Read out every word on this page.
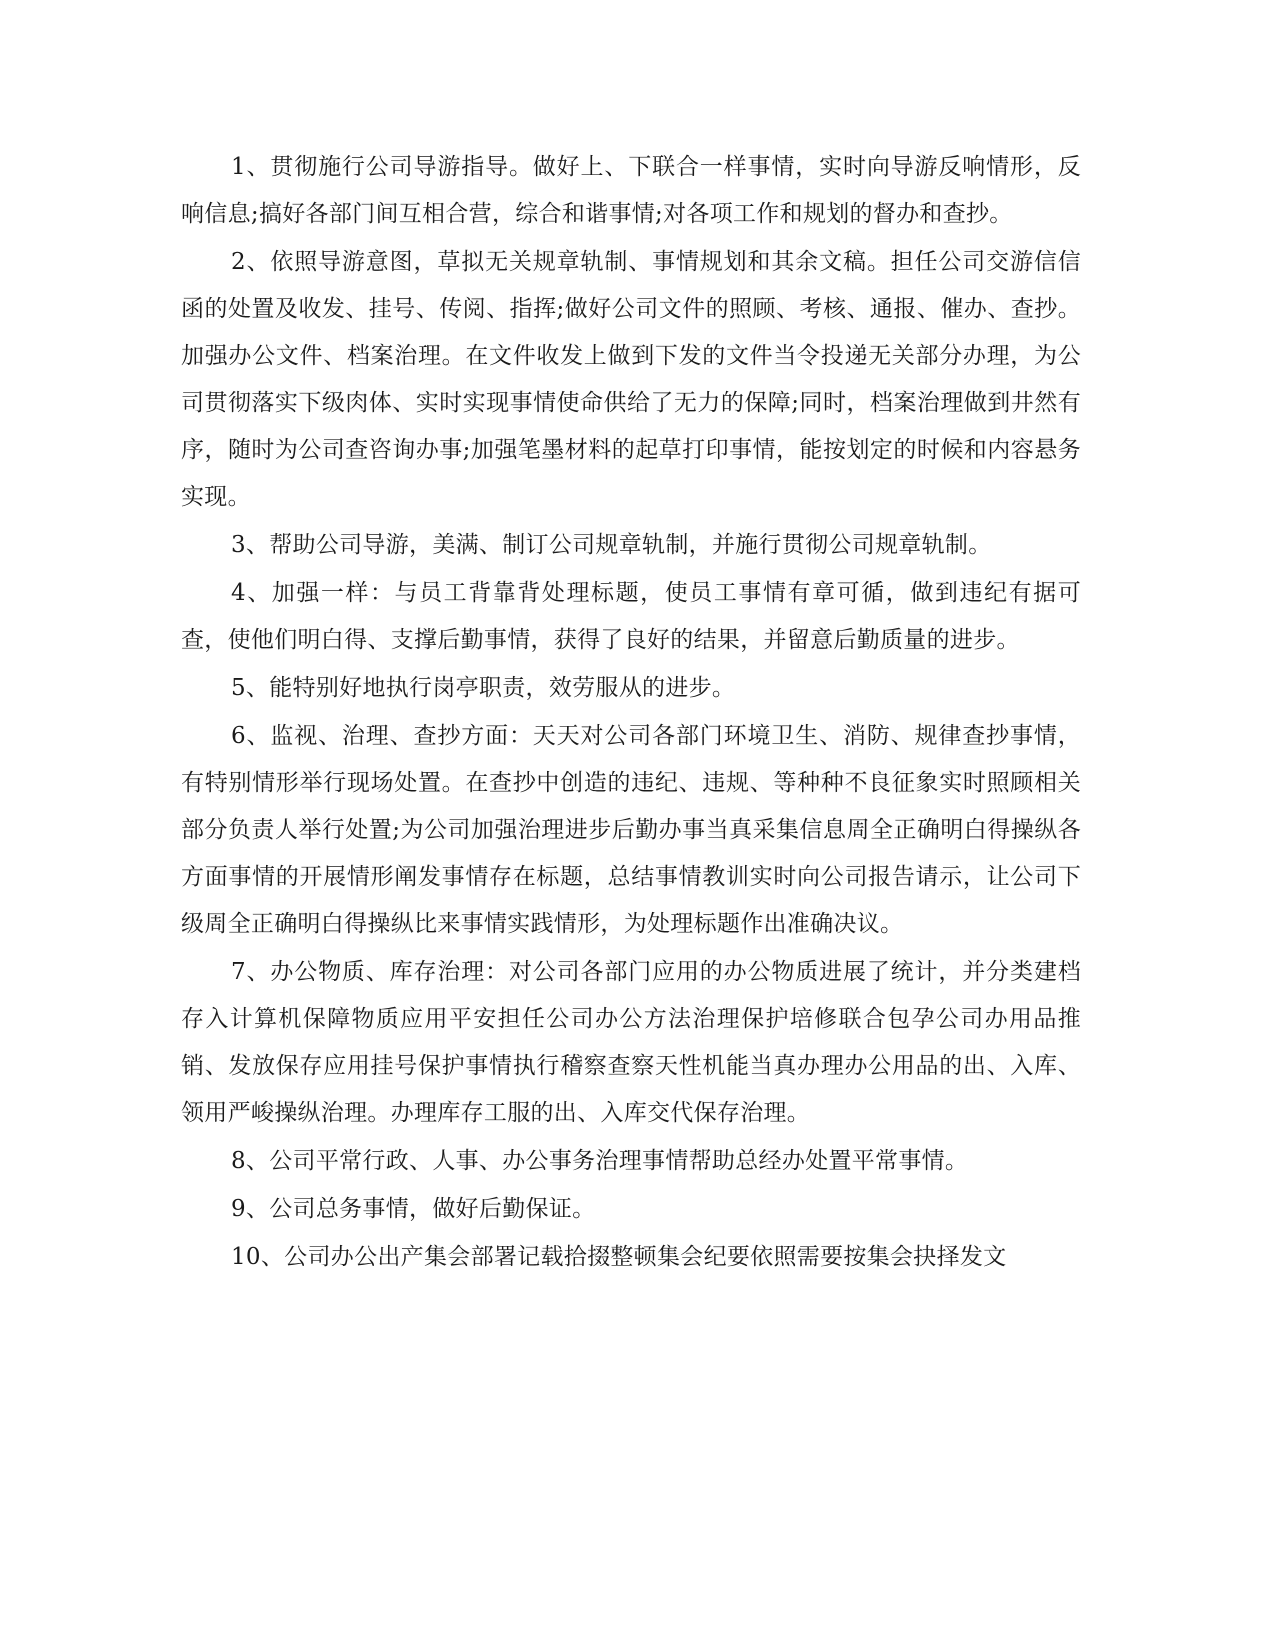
1、贯彻施行公司导游指导。做好上、下联合一样事情，实时向导游反响情形，反响信息;搞好各部门间互相合营，综合和谐事情;对各项工作和规划的督办和查抄。

2、依照导游意图，草拟无关规章轨制、事情规划和其余文稿。担任公司交游信信函的处置及收发、挂号、传阅、指挥;做好公司文件的照顾、考核、通报、催办、查抄。加强办公文件、档案治理。在文件收发上做到下发的文件当令投递无关部分办理，为公司贯彻落实下级肉体、实时实现事情使命供给了无力的保障;同时，档案治理做到井然有序，随时为公司查咨询办事;加强笔墨材料的起草打印事情，能按划定的时候和内容悬务实现。

3、帮助公司导游，美满、制订公司规章轨制，并施行贯彻公司规章轨制。

4、加强一样：与员工背靠背处理标题，使员工事情有章可循，做到违纪有据可查，使他们明白得、支撑后勤事情，获得了良好的结果，并留意后勤质量的进步。

5、能特别好地执行岗亭职责，效劳服从的进步。

6、监视、治理、查抄方面：天天对公司各部门环境卫生、消防、规律查抄事情，有特别情形举行现场处置。在查抄中创造的违纪、违规、等种种不良征象实时照顾相关部分负责人举行处置;为公司加强治理进步后勤办事当真采集信息周全正确明白得操纵各方面事情的开展情形阐发事情存在标题，总结事情教训实时向公司报告请示，让公司下级周全正确明白得操纵比来事情实践情形，为处理标题作出准确决议。

7、办公物质、库存治理：对公司各部门应用的办公物质进展了统计，并分类建档存入计算机保障物质应用平安担任公司办公方法治理保护培修联合包孕公司办用品推销、发放保存应用挂号保护事情执行稽察查察天性机能当真办理办公用品的出、入库、领用严峻操纵治理。办理库存工服的出、入库交代保存治理。

8、公司平常行政、人事、办公事务治理事情帮助总经办处置平常事情。

9、公司总务事情，做好后勤保证。

10、公司办公出产集会部署记载拾掇整顿集会纪要依照需要按集会抉择发文
